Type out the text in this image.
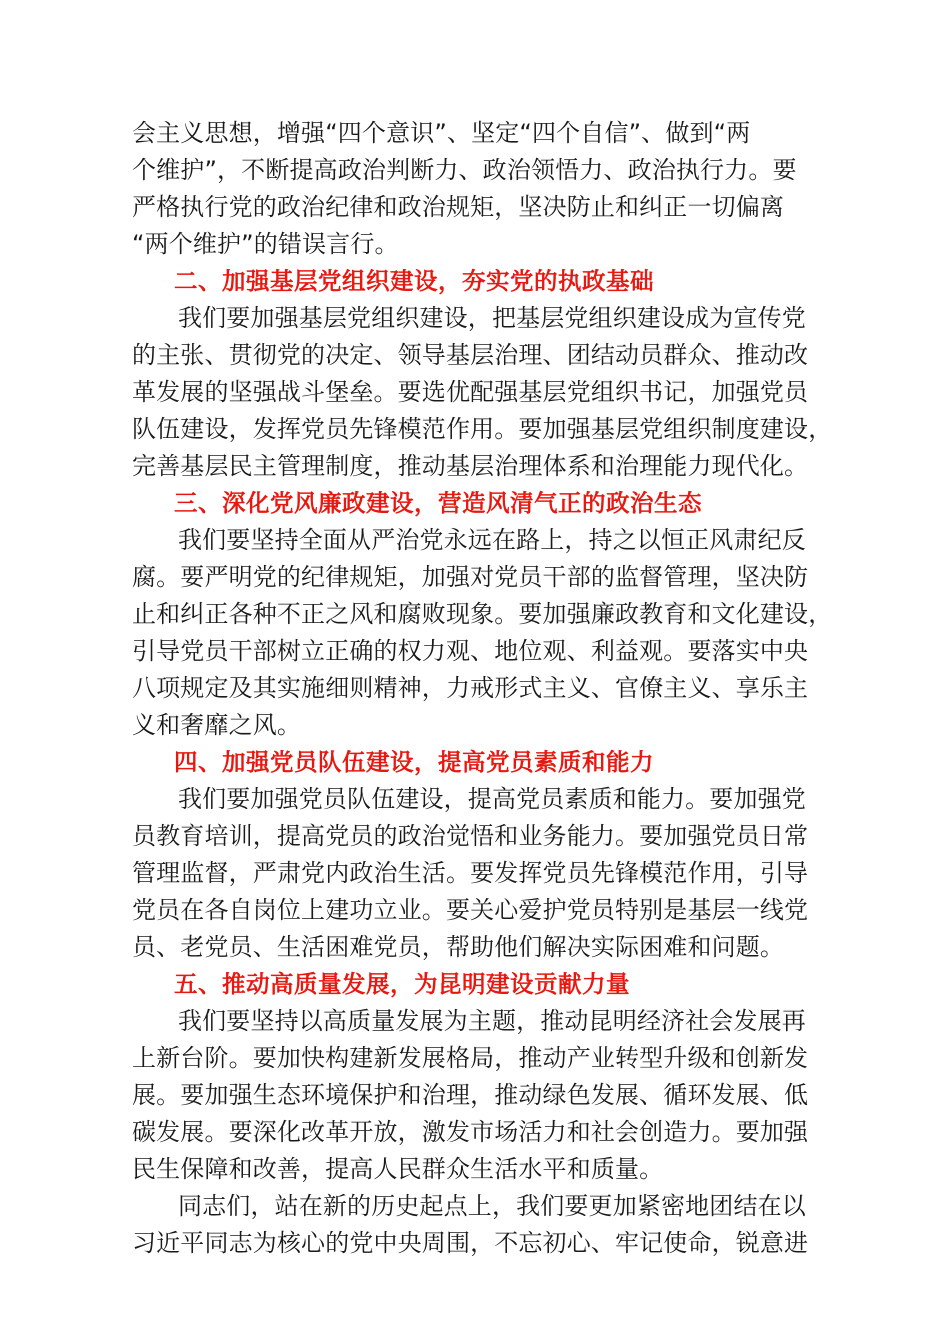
会主义思想，增强“四个意识”、坚定“四个自信”、做到“两
个维护”，不断提高政治判断力、政治领悟力、政治执行力。要
严格执行党的政治纪律和政治规矩，坚决防止和纠正一切偏离
“两个维护”的错误言行。
二、加强基层党组织建设，夯实党的执政基础
我们要加强基层党组织建设，把基层党组织建设成为宣传党
的主张、贯彻党的决定、领导基层治理、团结动员群众、推动改
革发展的坚强战斗堡垒。要选优配强基层党组织书记，加强党员
队伍建设，发挥党员先锋模范作用。要加强基层党组织制度建设，
完善基层民主管理制度，推动基层治理体系和治理能力现代化。
三、深化党风廉政建设，营造风清气正的政治生态
我们要坚持全面从严治党永远在路上，持之以恒正风肃纪反
腐。要严明党的纪律规矩，加强对党员干部的监督管理，坚决防
止和纠正各种不正之风和腐败现象。要加强廉政教育和文化建设，
引导党员干部树立正确的权力观、地位观、利益观。要落实中央
八项规定及其实施细则精神，力戒形式主义、官僚主义、享乐主
义和奢靡之风。
四、加强党员队伍建设，提高党员素质和能力
我们要加强党员队伍建设，提高党员素质和能力。要加强党
员教育培训，提高党员的政治觉悟和业务能力。要加强党员日常
管理监督，严肃党内政治生活。要发挥党员先锋模范作用，引导
党员在各自岗位上建功立业。要关心爱护党员特别是基层一线党
员、老党员、生活困难党员，帮助他们解决实际困难和问题。
五、推动高质量发展，为昆明建设贡献力量
我们要坚持以高质量发展为主题，推动昆明经济社会发展再
上新台阶。要加快构建新发展格局，推动产业转型升级和创新发
展。要加强生态环境保护和治理，推动绿色发展、循环发展、低
碳发展。要深化改革开放，激发市场活力和社会创造力。要加强
民生保障和改善，提高人民群众生活水平和质量。
同志们，站在新的历史起点上，我们要更加紧密地团结在以
习近平同志为核心的党中央周围，不忘初心、牢记使命，锐意进
